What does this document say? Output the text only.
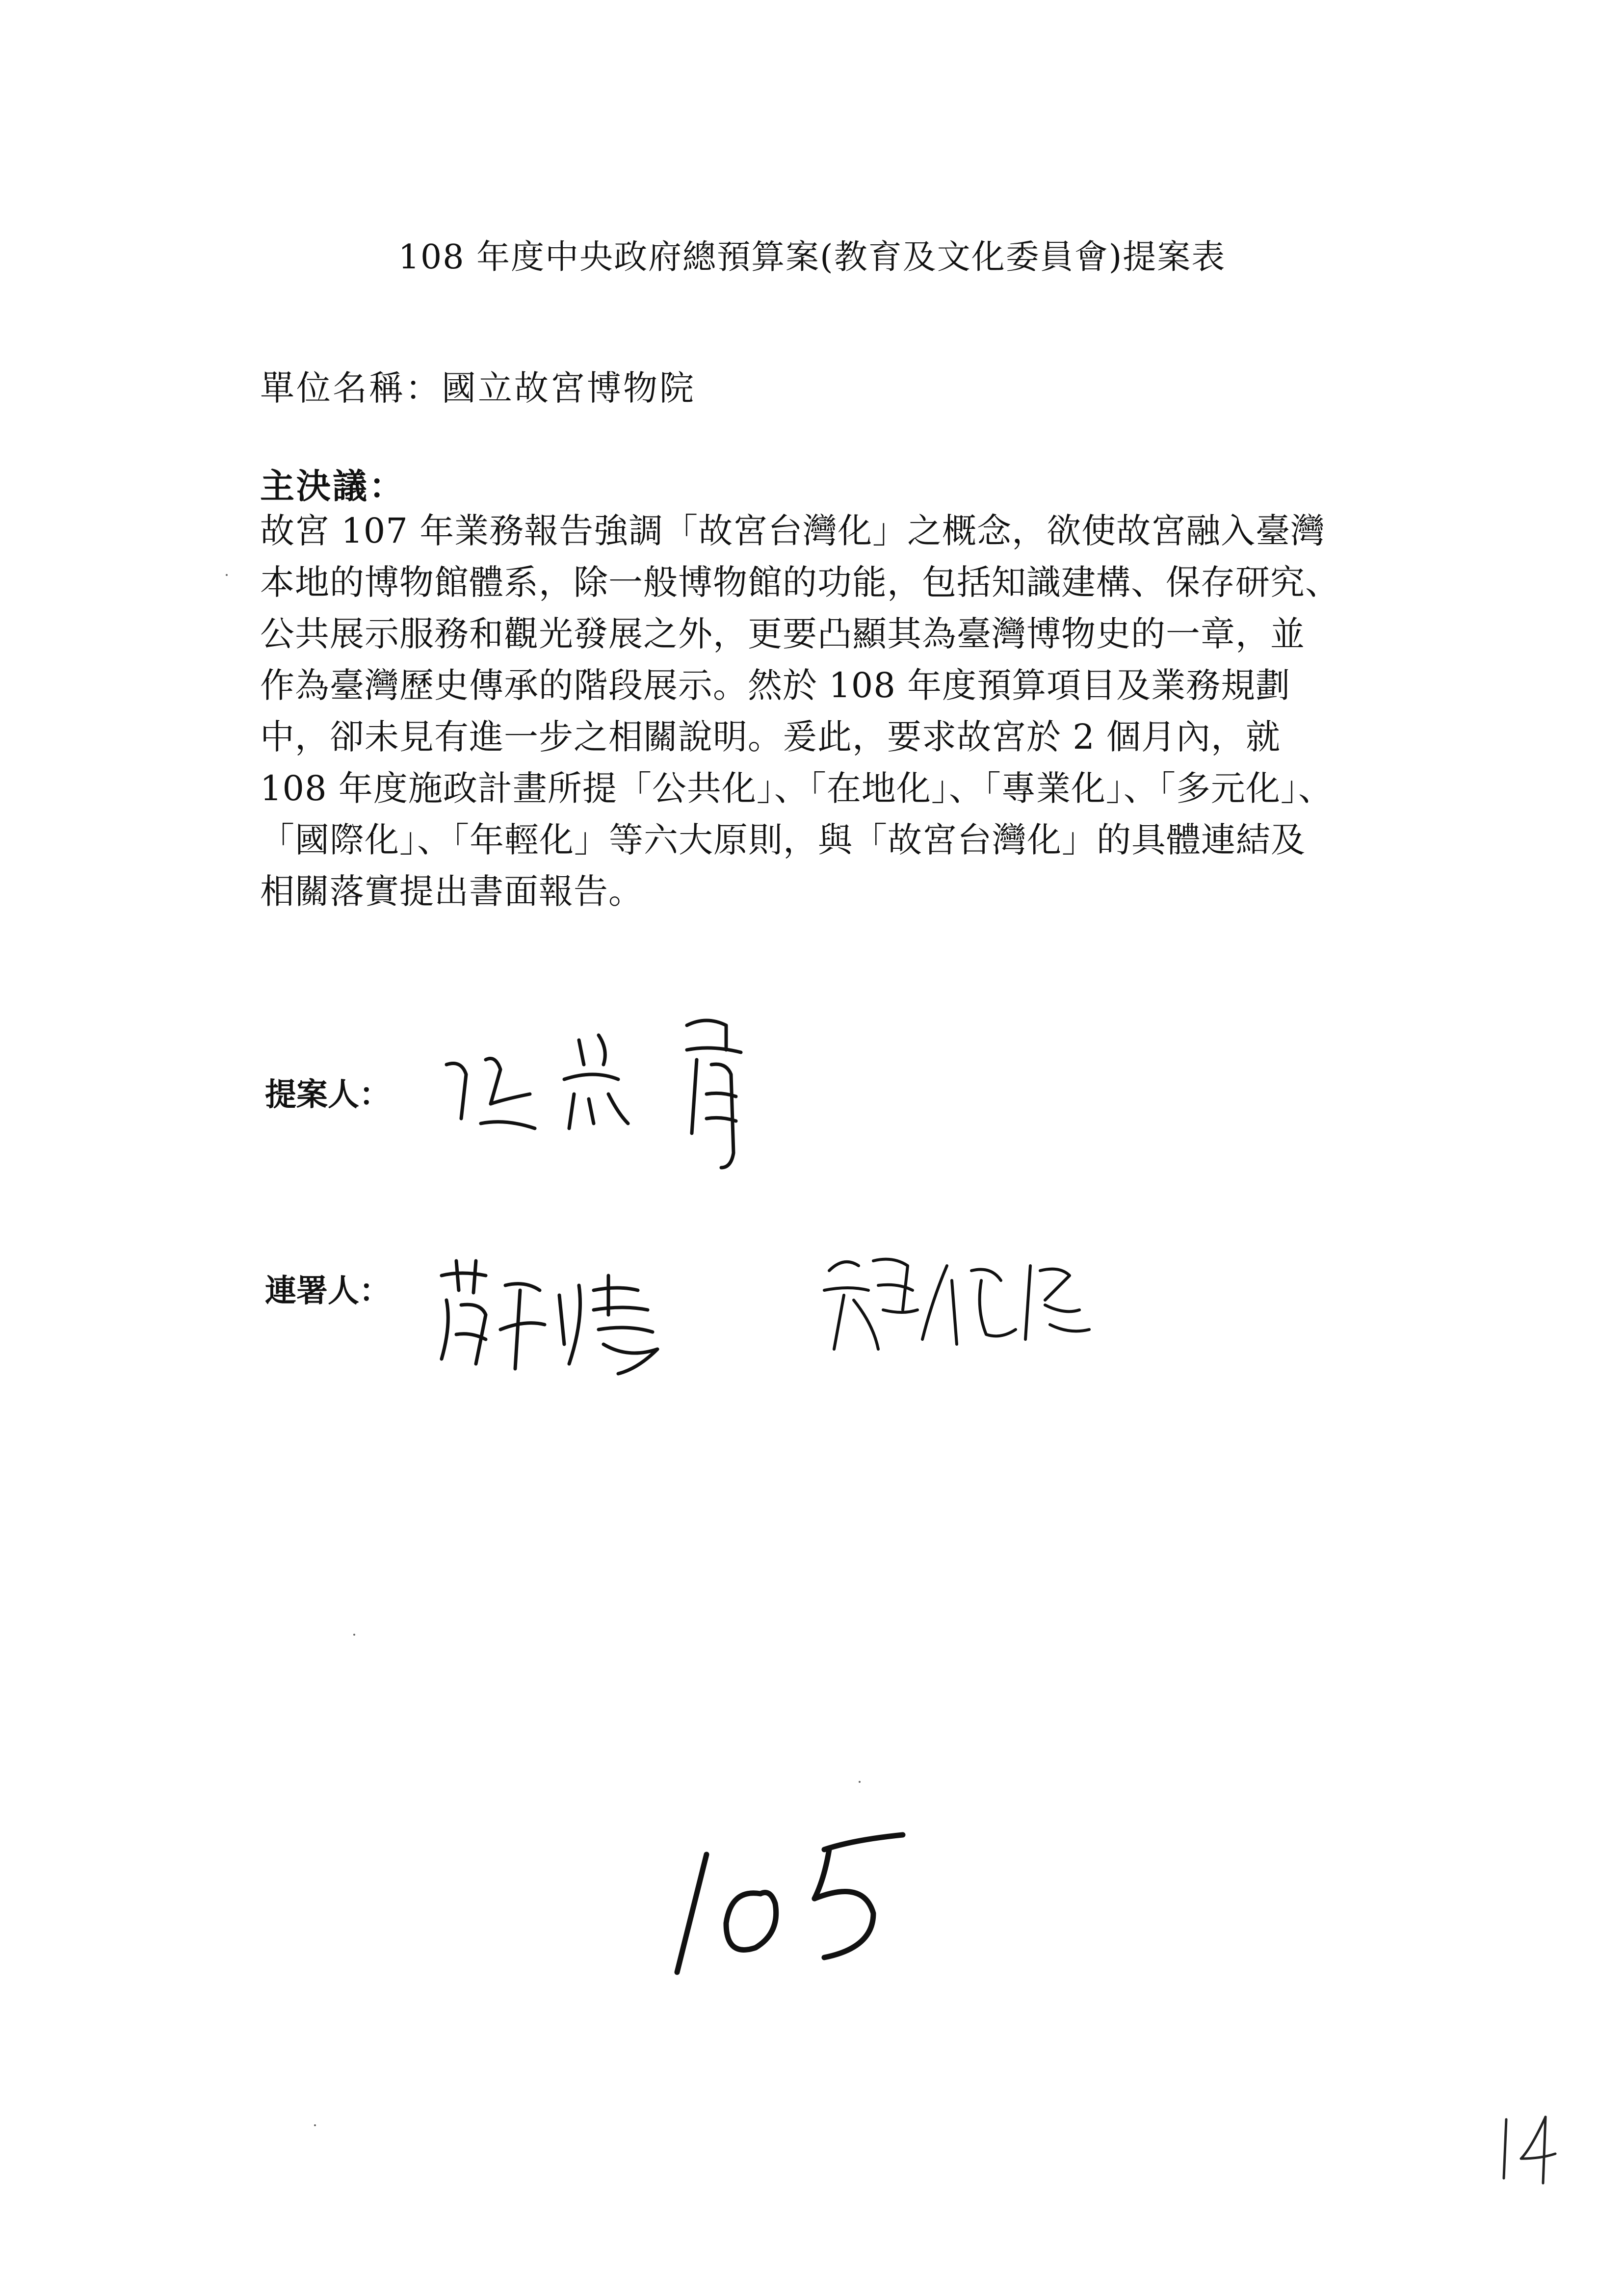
108 年度中央政府總預算案(教育及文化委員會)提案表
單位名稱：國立故宮博物院
主決議：
故宮 107 年業務報告強調「故宮台灣化」之概念，欲使故宮融入臺灣
本地的博物館體系，除一般博物館的功能，包括知識建構、保存研究、
公共展示服務和觀光發展之外，更要凸顯其為臺灣博物史的一章，並
作為臺灣歷史傳承的階段展示。然於 108 年度預算項目及業務規劃
中，卻未見有進一步之相關說明。爰此，要求故宮於 2 個月內，就
108 年度施政計畫所提「公共化」、「在地化」、「專業化」、「多元化」、
「國際化」、「年輕化」等六大原則，與「故宮台灣化」的具體連結及
相關落實提出書面報告。
提案人：
連署人：
105
14
